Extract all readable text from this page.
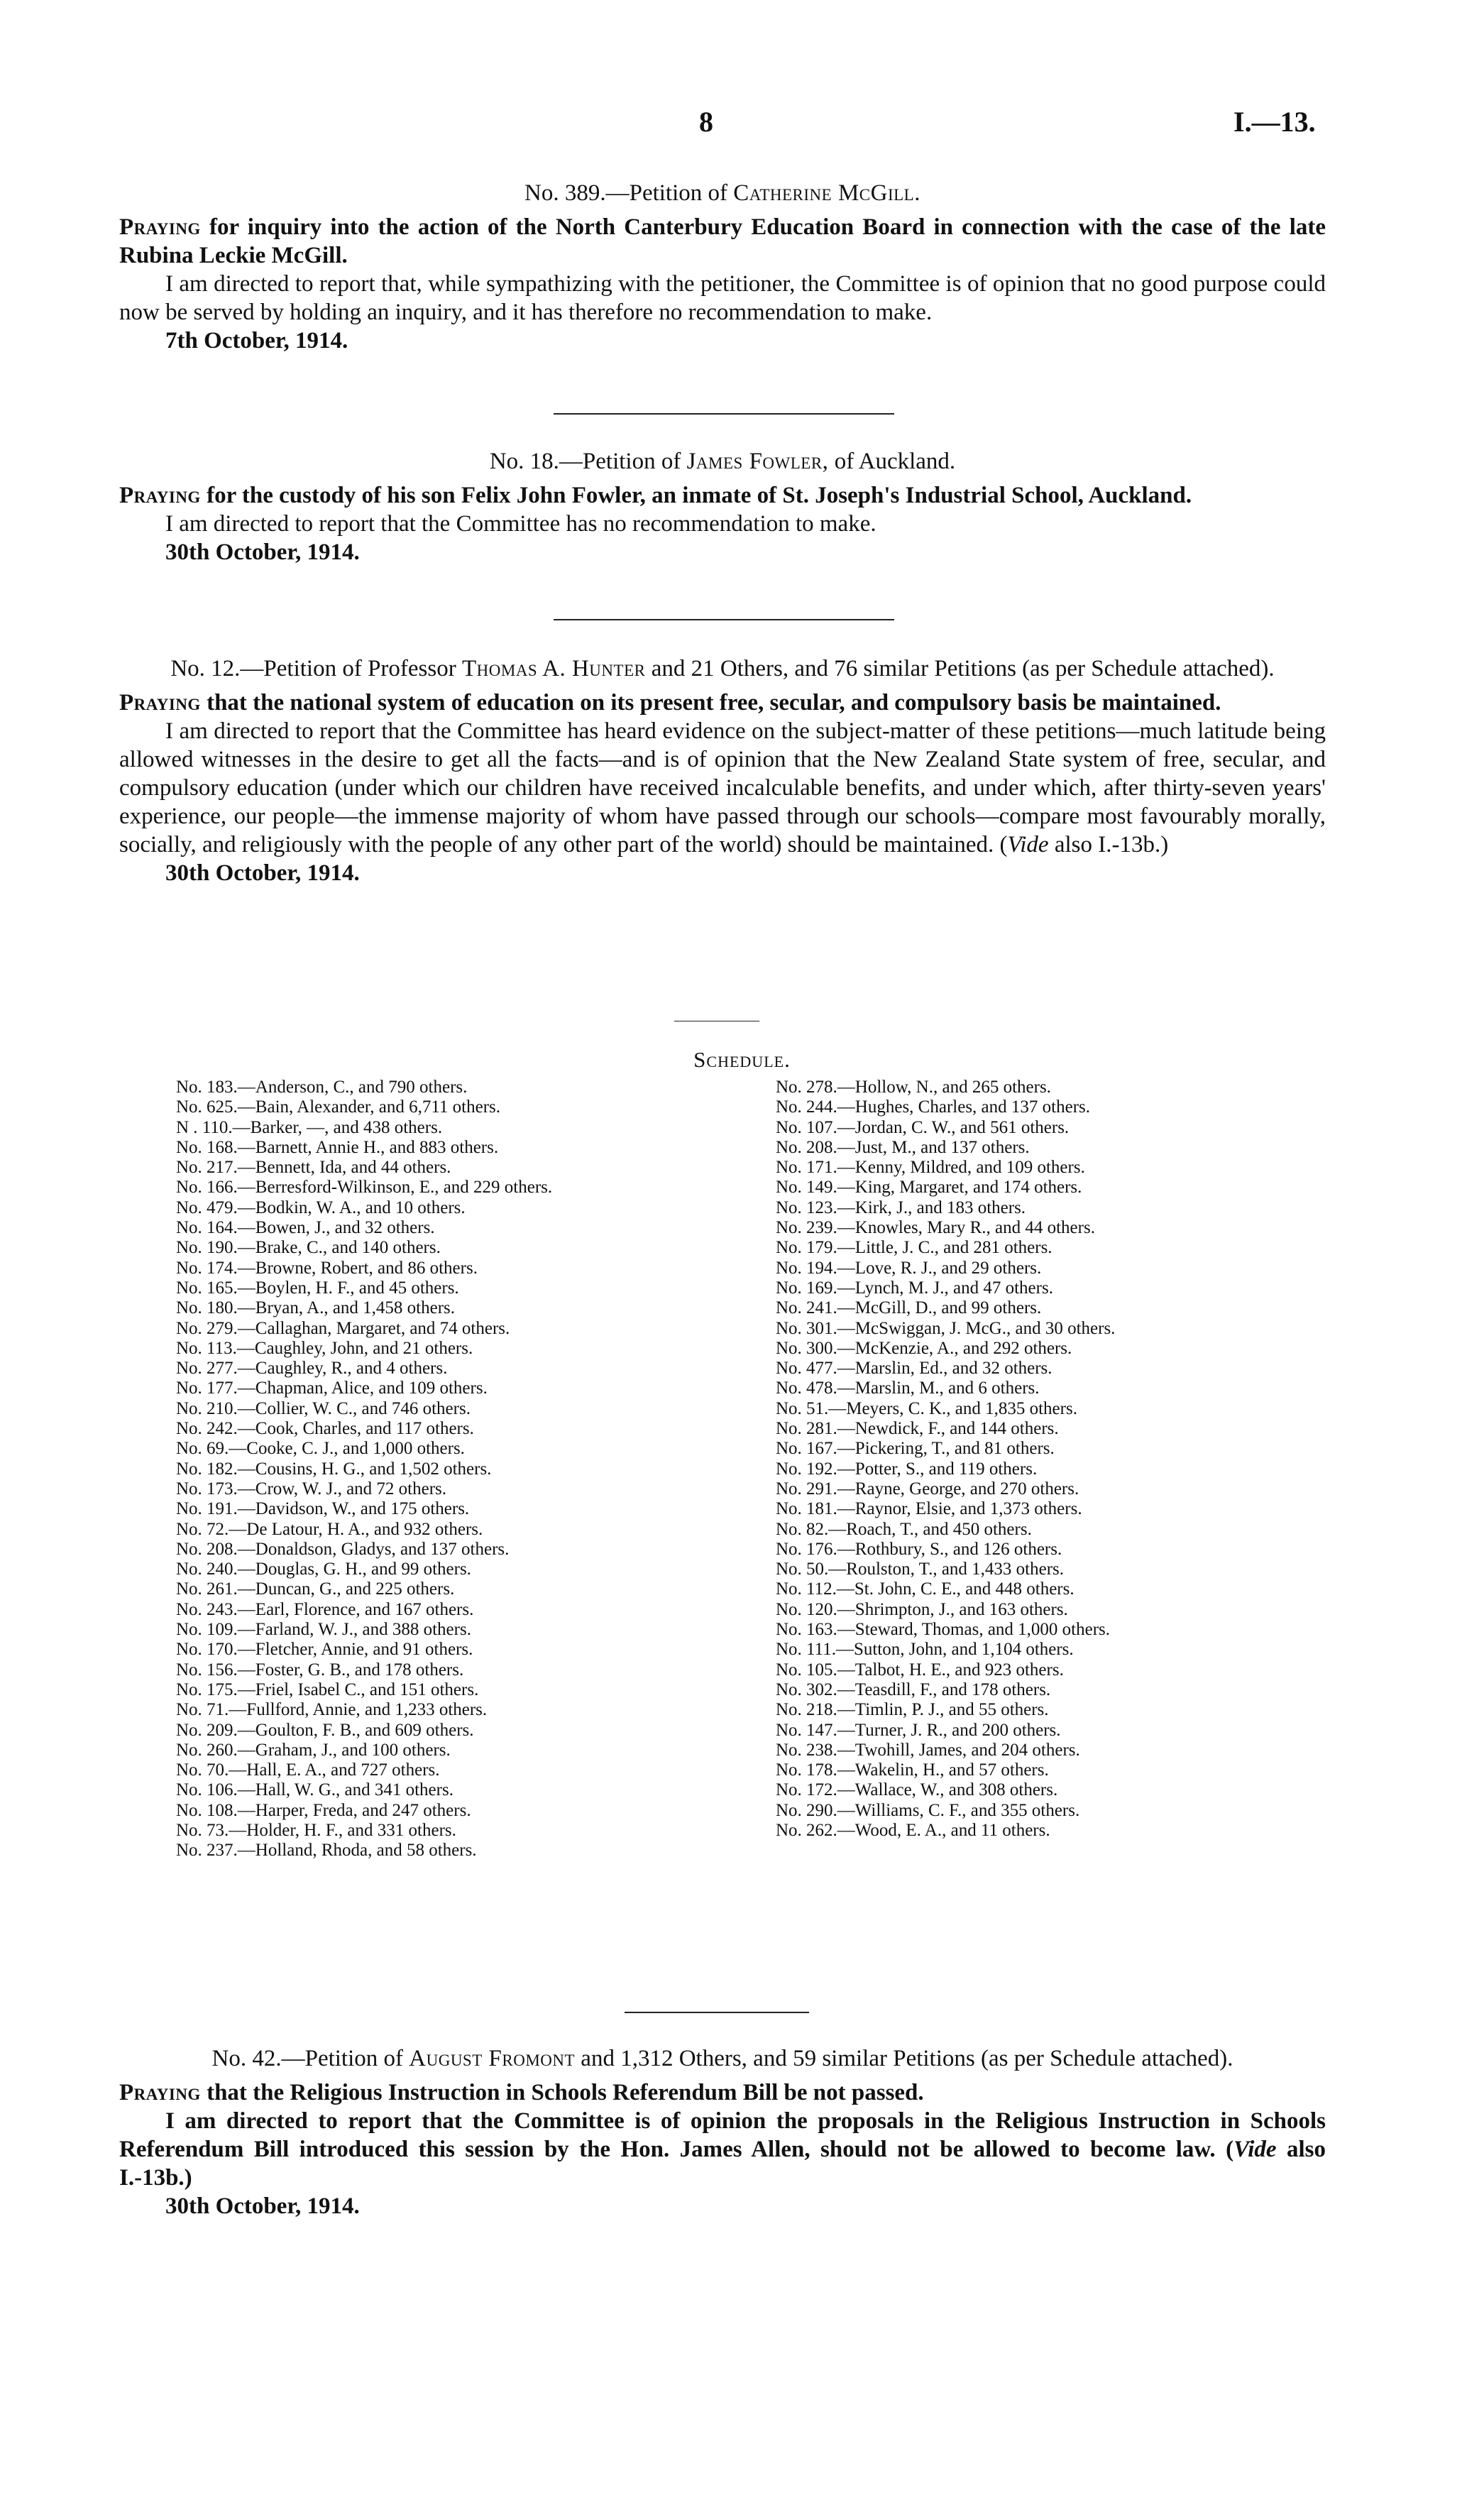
8	I.—13.
No. 389.—Petition of Catherine McGill.
Praying for inquiry into the action of the North Canterbury Education Board in connection with the case of the late Rubina Leckie McGill.
I am directed to report that, while sympathizing with the petitioner, the Committee is of opinion that no good purpose could now be served by holding an inquiry, and it has therefore no recommendation to make.
7th October, 1914.
No. 18.—Petition of James Fowler, of Auckland.
Praying for the custody of his son Felix John Fowler, an inmate of St. Joseph's Industrial School, Auckland.
I am directed to report that the Committee has no recommendation to make.
30th October, 1914.
No. 12.—Petition of Professor Thomas A. Hunter and 21 Others, and 76 similar Petitions (as per Schedule attached).
Praying that the national system of education on its present free, secular, and compulsory basis be maintained.
I am directed to report that the Committee has heard evidence on the subject-matter of these petitions—much latitude being allowed witnesses in the desire to get all the facts—and is of opinion that the New Zealand State system of free, secular, and compulsory education (under which our children have received incalculable benefits, and under which, after thirty-seven years' experience, our people—the immense majority of whom have passed through our schools—compare most favourably morally, socially, and religiously with the people of any other part of the world) should be maintained. (Vide also I.-13b.)
30th October, 1914.
Schedule.
No. 183.—Anderson, C., and 790 others.
No. 625.—Bain, Alexander, and 6,711 others.
N . 110.—Barker, —, and 438 others.
No. 168.—Barnett, Annie H., and 883 others.
No. 217.—Bennett, Ida, and 44 others.
No. 166.—Berresford-Wilkinson, E., and 229 others.
No. 479.—Bodkin, W. A., and 10 others.
No. 164.—Bowen, J., and 32 others.
No. 190.—Brake, C., and 140 others.
No. 174.—Browne, Robert, and 86 others.
No. 165.—Boylen, H. F., and 45 others.
No. 180.—Bryan, A., and 1,458 others.
No. 279.—Callaghan, Margaret, and 74 others.
No. 113.—Caughley, John, and 21 others.
No. 277.—Caughley, R., and 4 others.
No. 177.—Chapman, Alice, and 109 others.
No. 210.—Collier, W. C., and 746 others.
No. 242.—Cook, Charles, and 117 others.
No. 69.—Cooke, C. J., and 1,000 others.
No. 182.—Cousins, H. G., and 1,502 others.
No. 173.—Crow, W. J., and 72 others.
No. 191.—Davidson, W., and 175 others.
No. 72.—De Latour, H. A., and 932 others.
No. 208.—Donaldson, Gladys, and 137 others.
No. 240.—Douglas, G. H., and 99 others.
No. 261.—Duncan, G., and 225 others.
No. 243.—Earl, Florence, and 167 others.
No. 109.—Farland, W. J., and 388 others.
No. 170.—Fletcher, Annie, and 91 others.
No. 156.—Foster, G. B., and 178 others.
No. 175.—Friel, Isabel C., and 151 others.
No. 71.—Fullford, Annie, and 1,233 others.
No. 209.—Goulton, F. B., and 609 others.
No. 260.—Graham, J., and 100 others.
No. 70.—Hall, E. A., and 727 others.
No. 106.—Hall, W. G., and 341 others.
No. 108.—Harper, Freda, and 247 others.
No. 73.—Holder, H. F., and 331 others.
No. 237.—Holland, Rhoda, and 58 others.
No. 278.—Hollow, N., and 265 others.
No. 244.—Hughes, Charles, and 137 others.
No. 107.—Jordan, C. W., and 561 others.
No. 208.—Just, M., and 137 others.
No. 171.—Kenny, Mildred, and 109 others.
No. 149.—King, Margaret, and 174 others.
No. 123.—Kirk, J., and 183 others.
No. 239.—Knowles, Mary R., and 44 others.
No. 179.—Little, J. C., and 281 others.
No. 194.—Love, R. J., and 29 others.
No. 169.—Lynch, M. J., and 47 others.
No. 241.—McGill, D., and 99 others.
No. 301.—McSwiggan, J. McG., and 30 others.
No. 300.—McKenzie, A., and 292 others.
No. 477.—Marslin, Ed., and 32 others.
No. 478.—Marslin, M., and 6 others.
No. 51.—Meyers, C. K., and 1,835 others.
No. 281.—Newdick, F., and 144 others.
No. 167.—Pickering, T., and 81 others.
No. 192.—Potter, S., and 119 others.
No. 291.—Rayne, George, and 270 others.
No. 181.—Raynor, Elsie, and 1,373 others.
No. 82.—Roach, T., and 450 others.
No. 176.—Rothbury, S., and 126 others.
No. 50.—Roulston, T., and 1,433 others.
No. 112.—St. John, C. E., and 448 others.
No. 120.—Shrimpton, J., and 163 others.
No. 163.—Steward, Thomas, and 1,000 others.
No. 111.—Sutton, John, and 1,104 others.
No. 105.—Talbot, H. E., and 923 others.
No. 302.—Teasdill, F., and 178 others.
No. 218.—Timlin, P. J., and 55 others.
No. 147.—Turner, J. R., and 200 others.
No. 238.—Twohill, James, and 204 others.
No. 178.—Wakelin, H., and 57 others.
No. 172.—Wallace, W., and 308 others.
No. 290.—Williams, C. F., and 355 others.
No. 262.—Wood, E. A., and 11 others.
No. 42.—Petition of August Fromont and 1,312 Others, and 59 similar Petitions (as per Schedule attached).
Praying that the Religious Instruction in Schools Referendum Bill be not passed.
I am directed to report that the Committee is of opinion the proposals in the Religious Instruction in Schools Referendum Bill introduced this session by the Hon. James Allen, should not be allowed to become law. (Vide also I.-13b.)
30th October, 1914.
